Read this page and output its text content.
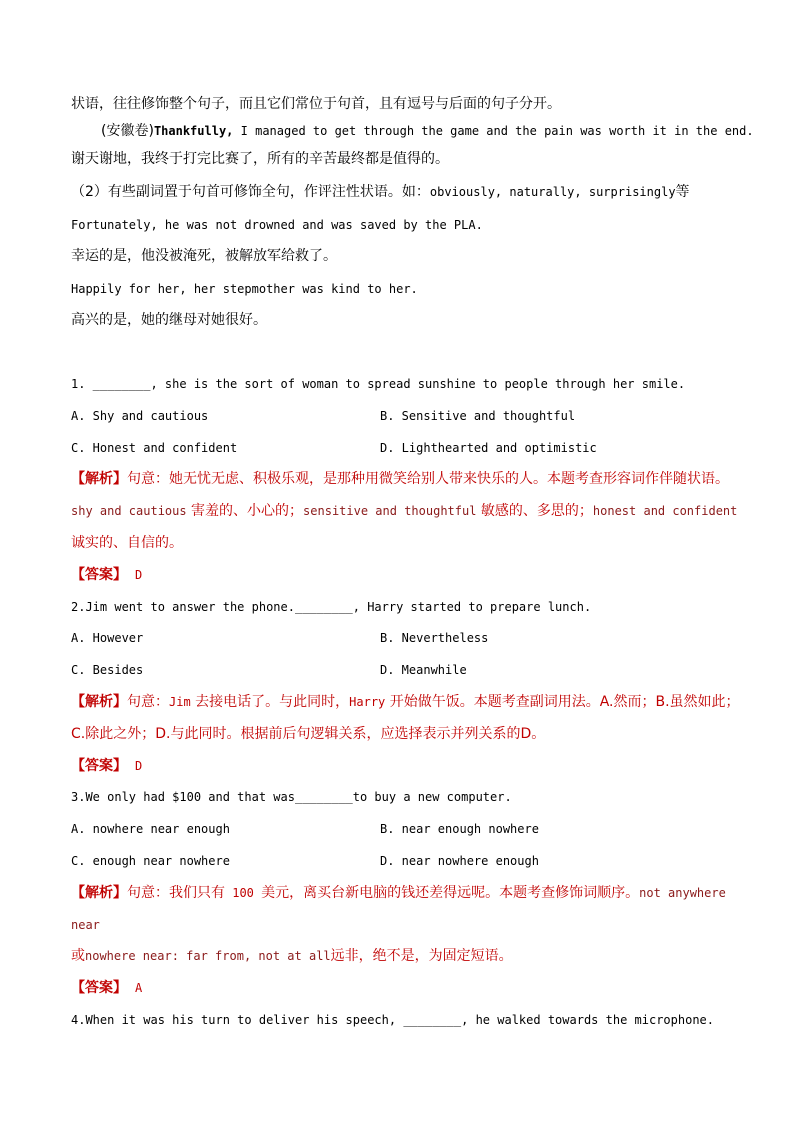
状语，往往修饰整个句子，而且它们常位于句首，且有逗号与后面的句子分开。
(安徽卷)Thankfully, I managed to get through the game and the pain was worth it in the end.
谢天谢地，我终于打完比赛了，所有的辛苦最终都是值得的。
（2）有些副词置于句首可修饰全句，作评注性状语。如：obviously, naturally, surprisingly等
Fortunately, he was not drowned and was saved by the PLA.
幸运的是，他没被淹死，被解放军给救了。
Happily for her, her stepmother was kind to her.
高兴的是，她的继母对她很好。
1. ________, she is the sort of woman to spread sunshine to people through her smile.
A. Shy and cautious	B. Sensitive and thoughtful
C. Honest and confident	D. Lighthearted and optimistic
【解析】句意：她无忧无虑、积极乐观，是那种用微笑给别人带来快乐的人。本题考查形容词作伴随状语。
shy and cautious 害羞的、小心的；sensitive and thoughtful 敏感的、多思的；honest and confident
诚实的、自信的。
【答案】 D
2.Jim went to answer the phone.________, Harry started to prepare lunch.
A. However	B. Nevertheless
C. Besides	D. Meanwhile
【解析】句意：Jim 去接电话了。与此同时，Harry 开始做午饭。本题考查副词用法。A.然而；B.虽然如此；
C.除此之外；D.与此同时。根据前后句逻辑关系，应选择表示并列关系的D。
【答案】 D
3.We only had $100 and that was________to buy a new computer.
A. nowhere near enough	B. near enough nowhere
C. enough near nowhere	D. near nowhere enough
【解析】句意：我们只有 100 美元，离买台新电脑的钱还差得远呢。本题考查修饰词顺序。not anywhere
near
或nowhere near: far from, not at all远非，绝不是，为固定短语。
【答案】 A
4.When it was his turn to deliver his speech, ________, he walked towards the microphone.
